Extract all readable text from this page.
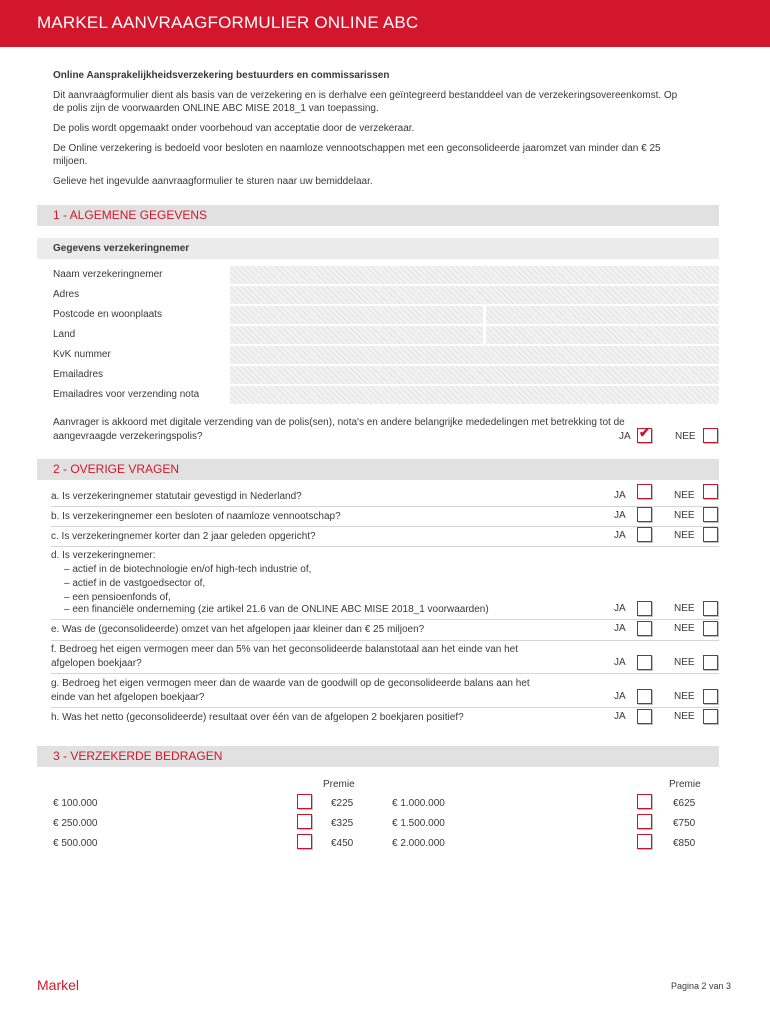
MARKEL AANVRAAGFORMULIER ONLINE ABC
Online Aansprakelijkheidsverzekering bestuurders en commissarissen
Dit aanvraagformulier dient als basis van de verzekering en is derhalve een geïntegreerd bestanddeel van de verzekeringsovereenkomst. Op
de polis zijn de voorwaarden ONLINE ABC MISE 2018_1 van toepassing.
De polis wordt opgemaakt onder voorbehoud van acceptatie door de verzekeraar.
De Online verzekering is bedoeld voor besloten en naamloze vennootschappen met een geconsolideerde jaaromzet van minder dan € 25
miljoen.
Gelieve het ingevulde aanvraagformulier te sturen naar uw bemiddelaar.
1 - ALGEMENE GEGEVENS
Gegevens verzekeringnemer
Naam verzekeringnemer
Adres
Postcode en woonplaats
Land
KvK nummer
Emailadres
Emailadres voor verzending nota
Aanvrager is akkoord met digitale verzending van de polis(sen), nota's en andere belangrijke mededelingen met betrekking tot de
aangevraagde verzekeringspolis?	JA ✔	NEE
2 - OVERIGE VRAGEN
a. Is verzekeringnemer statutair gevestigd in Nederland?	JA	NEE
b. Is verzekeringnemer een besloten of naamloze vennootschap?	JA	NEE
c. Is verzekeringnemer korter dan 2 jaar geleden opgericht?	JA	NEE
d. Is verzekeringnemer:
– actief in de biotechnologie en/of high-tech industrie of,
– actief in de vastgoedsector of,
– een pensioenfonds of,
– een financiële onderneming (zie artikel 21.6 van de ONLINE ABC MISE 2018_1 voorwaarden)	JA	NEE
e. Was de (geconsolideerde) omzet van het afgelopen jaar kleiner dan € 25 miljoen?	JA	NEE
f. Bedroeg het eigen vermogen meer dan 5% van het geconsolideerde balanstotaal aan het einde van het
afgelopen boekjaar?	JA	NEE
g. Bedroeg het eigen vermogen meer dan de waarde van de goodwill op de geconsolideerde balans aan het
einde van het afgelopen boekjaar?	JA	NEE
h. Was het netto (geconsolideerde) resultaat over één van de afgelopen 2 boekjaren positief?	JA	NEE
3 - VERZEKERDE BEDRAGEN
Premie	Premie
€ 100.000	€225
€ 250.000	€325
€ 500.000	€450
€ 1.000.000	€625
€ 1.500.000	€750
€ 2.000.000	€850
Markel	Pagina 2 van 3
